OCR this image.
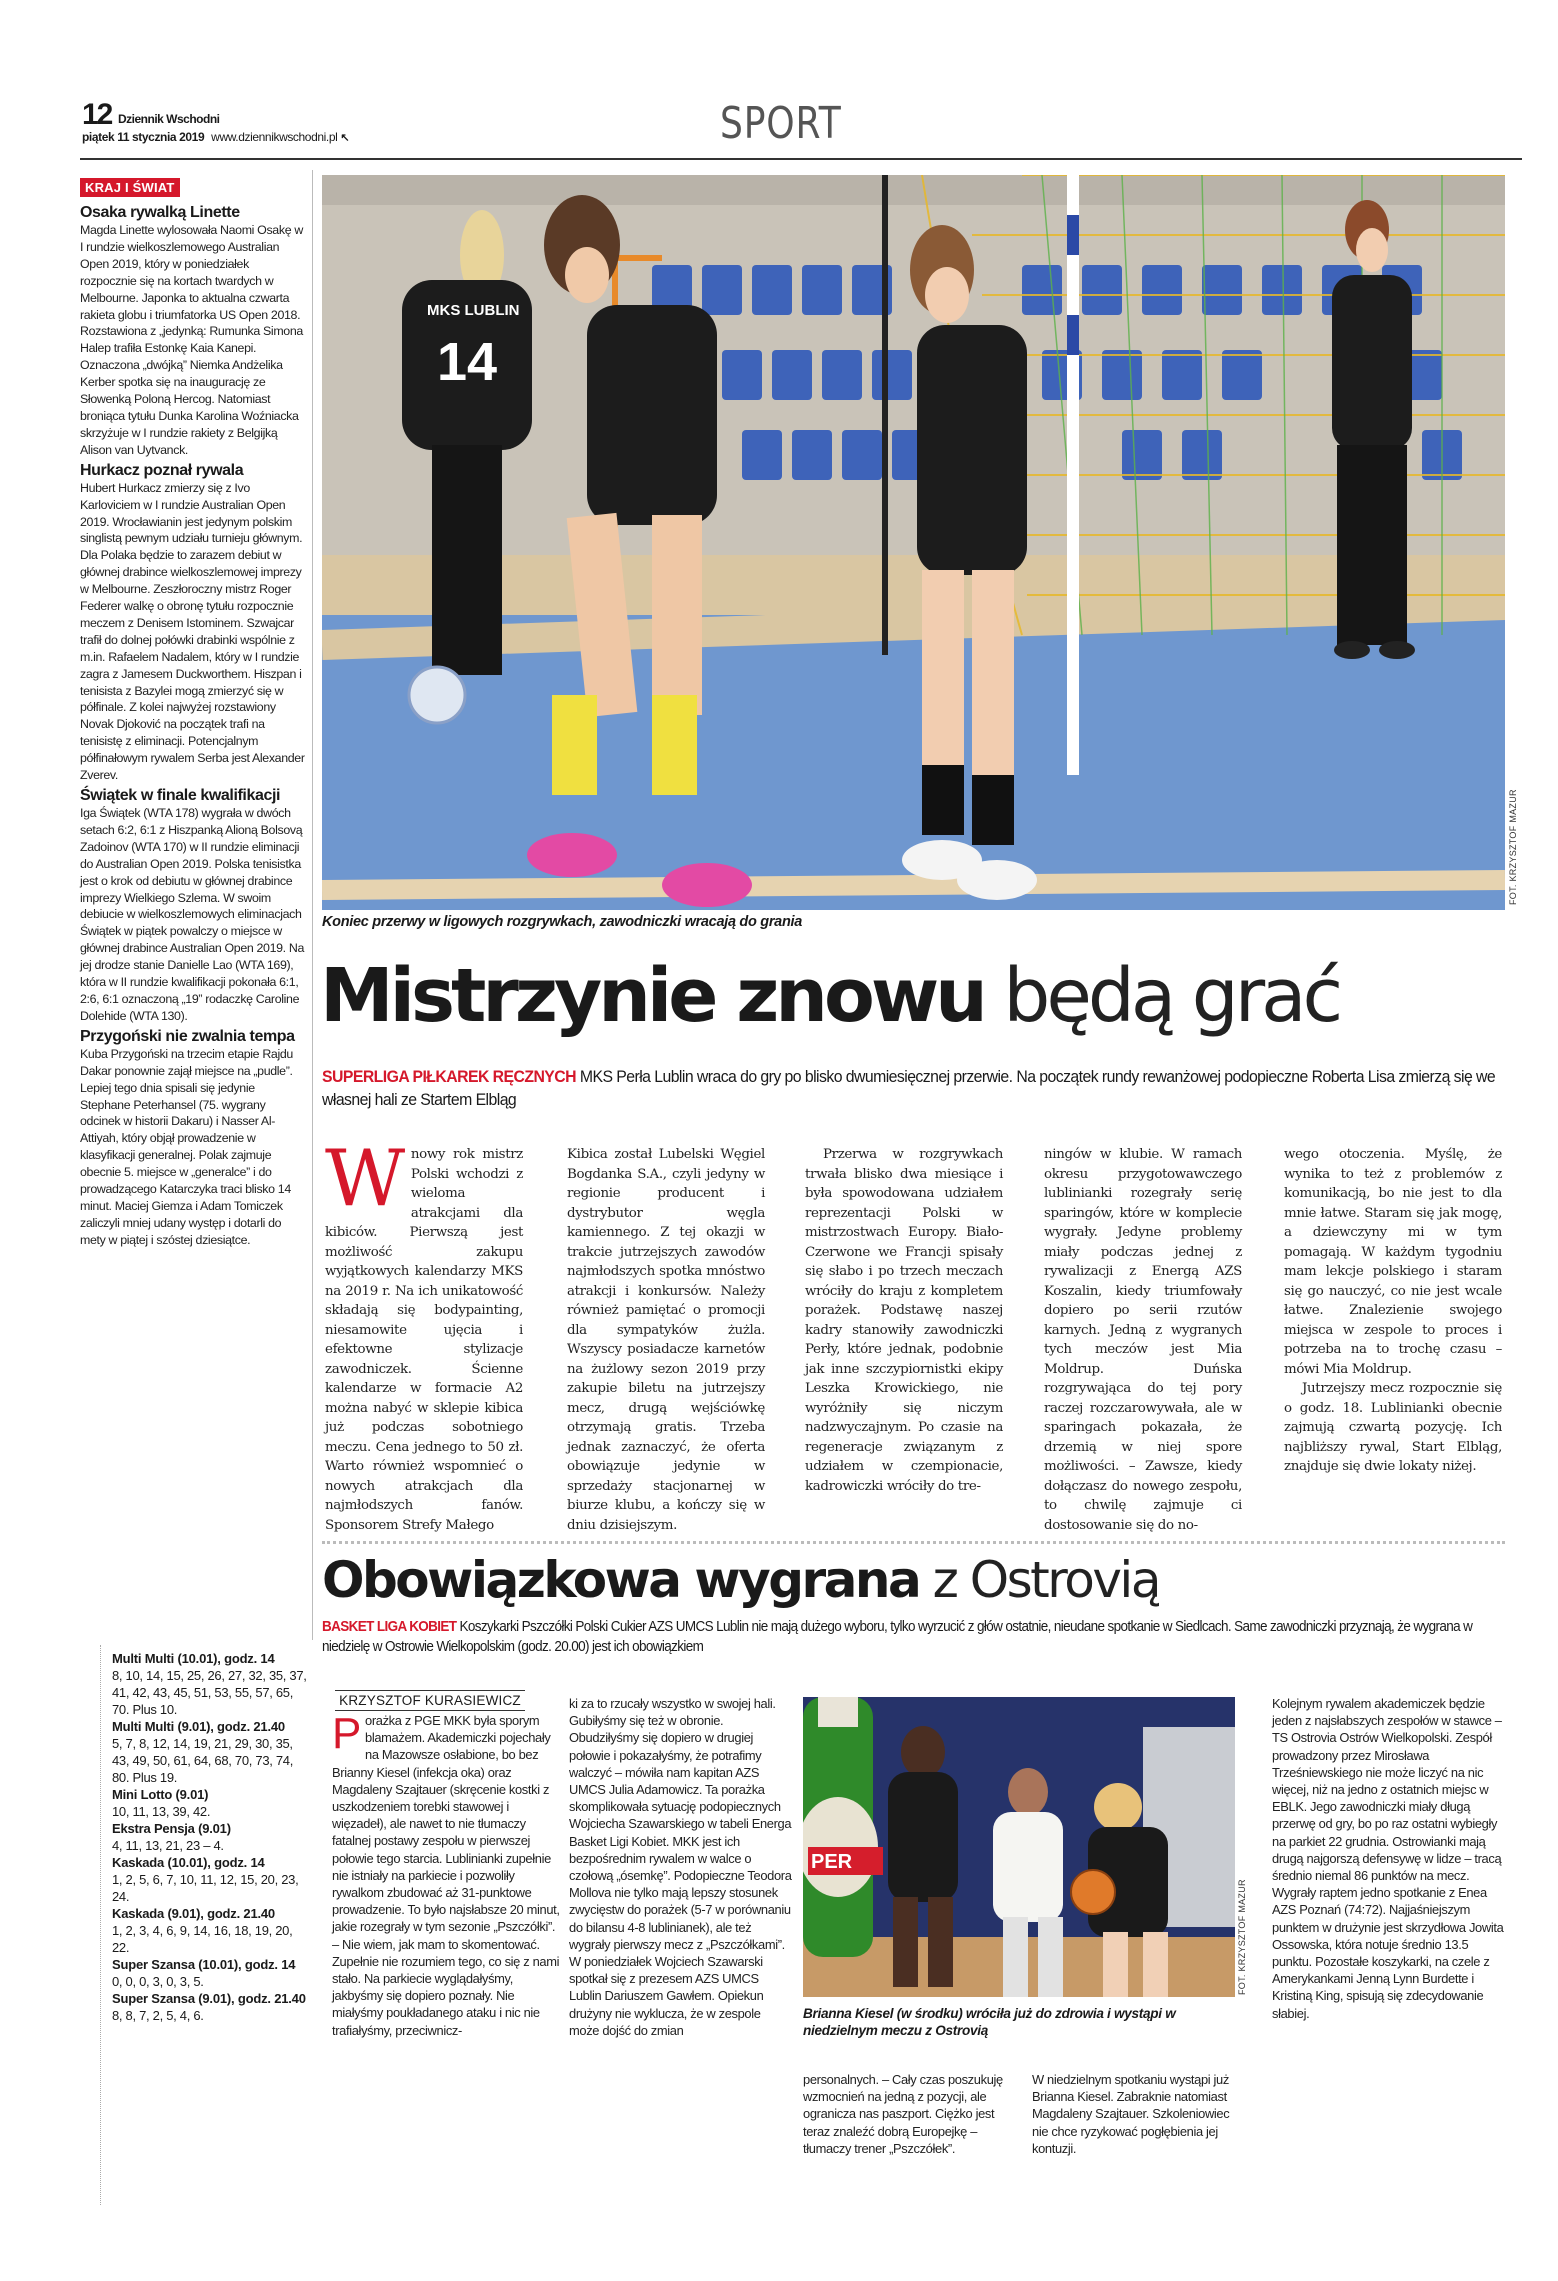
12 Dziennik Wschodni
piątek 11 stycznia 2019 www.dziennikwschodni.pl ↖	SPORT
KRAJ I ŚWIAT
Osaka rywalką Linette

Magda Linette wylosowała Naomi Osakę w I rundzie wielkoszlemowego Australian Open 2019, który w poniedziałek rozpocznie się na kortach twardych w Melbourne. Japonka to aktualna czwarta rakieta globu i triumfatorka US Open 2018. Rozstawiona z „jedynką: Rumunka Simona Halep trafiła Estonkę Kaia Kanepi. Oznaczona „dwójką” Niemka Andżelika Kerber spotka się na inaugurację ze Słowenką Poloną Hercog. Natomiast broniąca tytułu Dunka Karolina Woźniacka skrzyżuje w I rundzie rakiety z Belgijką Alison van Uytvanck.

Hurkacz poznał rywala

Hubert Hurkacz zmierzy się z Ivo Karloviciem w I rundzie Australian Open 2019. Wrocławianin jest jedynym polskim singlistą pewnym udziału turnieju głównym. Dla Polaka będzie to zarazem debiut w głównej drabince wielkoszlemowej imprezy w Melbourne. Zeszłoroczny mistrz Roger Federer walkę o obronę tytułu rozpocznie meczem z Denisem Istominem. Szwajcar trafił do dolnej połówki drabinki wspólnie z m.in. Rafaelem Nadalem, który w I rundzie zagra z Jamesem Duckworthem. Hiszpan i tenisista z Bazylei mogą zmierzyć się w półfinale. Z kolei najwyżej rozstawiony Novak Djoković na początek trafi na tenisistę z eliminacji. Potencjalnym półfinałowym rywalem Serba jest Alexander Zverev.

Świątek w finale kwalifikacji

Iga Świątek (WTA 178) wygrała w dwóch setach 6:2, 6:1 z Hiszpanką Alioną Bolsovą Zadoinov (WTA 170) w II rundzie eliminacji do Australian Open 2019. Polska tenisistka jest o krok od debiutu w głównej drabince imprezy Wielkiego Szlema. W swoim debiucie w wielkoszlemowych eliminacjach Świątek w piątek powalczy o miejsce w głównej drabince Australian Open 2019. Na jej drodze stanie Danielle Lao (WTA 169), która w II rundzie kwalifikacji pokonała 6:1, 2:6, 6:1 oznaczoną „19” rodaczkę Caroline Dolehide (WTA 130).

Przygoński nie zwalnia tempa

Kuba Przygoński na trzecim etapie Rajdu Dakar ponownie zajął miejsce na „pudle”. Lepiej tego dnia spisali się jedynie Stephane Peterhansel (75. wygrany odcinek w historii Dakaru) i Nasser Al-Attiyah, który objął prowadzenie w klasyfikacji generalnej. Polak zajmuje obecnie 5. miejsce w „generalce” i do prowadzącego Katarczyka traci blisko 14 minut. Maciej Giemza i Adam Tomiczek zaliczyli mniej udany występ i dotarli do mety w piątej i szóstej dziesiątce.

Multi Multi (10.01), godz. 14
8, 10, 14, 15, 25, 26, 27, 32, 35, 37, 41, 42, 43, 45, 51, 53, 55, 57, 65, 70. Plus 10.
Multi Multi (9.01), godz. 21.40
5, 7, 8, 12, 14, 19, 21, 29, 30, 35, 43, 49, 50, 61, 64, 68, 70, 73, 74, 80. Plus 19.
Mini Lotto (9.01)
10, 11, 13, 39, 42.
Ekstra Pensja (9.01)
4, 11, 13, 21, 23 – 4.
Kaskada (10.01), godz. 14
1, 2, 5, 6, 7, 10, 11, 12, 15, 20, 23, 24.
Kaskada (9.01), godz. 21.40
1, 2, 3, 4, 6, 9, 14, 16, 18, 19, 20, 22.
Super Szansa (10.01), godz. 14
0, 0, 0, 3, 0, 3, 5.
Super Szansa (9.01), godz. 21.40
8, 8, 7, 2, 5, 4, 6.
MKS LUBLIN
14
FOT. KRZYSZTOF MAZUR
Koniec przerwy w ligowych rozgrywkach, zawodniczki wracają do grania
Mistrzynie znowu będą grać
SUPERLIGA PIŁKAREK RĘCZNYCH MKS Perła Lublin wraca do gry po blisko dwumiesięcznej przerwie. Na początek rundy rewanżowej podopieczne Roberta Lisa zmierzą się we własnej hali ze Startem Elbląg
W nowy rok mistrz Polski wchodzi z wieloma atrakcjami dla kibiców. Pierwszą jest możliwość zakupu wyjątkowych kalendarzy MKS na 2019 r. Na ich unikatowość składają się bodypainting, niesamowite ujęcia i efektowne stylizacje zawodniczek. Ścienne kalendarze w formacie A2 można nabyć w sklepie kibica już podczas sobotniego meczu. Cena jednego to 50 zł. Warto również wspomnieć o nowych atrakcjach dla najmłodszych fanów. Sponsorem Strefy Małego
Kibica został Lubelski Węgiel Bogdanka S.A., czyli jedyny w regionie producent i dystrybutor węgla kamiennego. Z tej okazji w trakcie jutrzejszych zawodów najmłodszych spotka mnóstwo atrakcji i konkursów. Należy również pamiętać o promocji dla sympatyków żużla. Wszyscy posiadacze karnetów na żużlowy sezon 2019 przy zakupie biletu na jutrzejszy mecz, drugą wejściówkę otrzymają gratis. Trzeba jednak zaznaczyć, że oferta obowiązuje jedynie w sprzedaży stacjonarnej w biurze klubu, a kończy się w dniu dzisiejszym.
Przerwa w rozgrywkach trwała blisko dwa miesiące i była spowodowana udziałem reprezentacji Polski w mistrzostwach Europy. Biało-Czerwone we Francji spisały się słabo i po trzech meczach wróciły do kraju z kompletem porażek. Podstawę naszej kadry stanowiły zawodniczki Perły, które jednak, podobnie jak inne szczypiornistki ekipy Leszka Krowickiego, nie wyróżniły się niczym nadzwyczajnym. Po czasie na regeneracje związanym z udziałem w czempionacie, kadrowiczki wróciły do tre-
ningów w klubie. W ramach okresu przygotowawczego lublinianki rozegrały serię sparingów, które w komplecie wygrały. Jedyne problemy miały podczas jednej z rywalizacji z Energą AZS Koszalin, kiedy triumfowały dopiero po serii rzutów karnych. Jedną z wygranych tych meczów jest Mia Moldrup. Duńska rozgrywająca do tej pory raczej rozczarowywała, ale w sparingach pokazała, że drzemią w niej spore możliwości. – Zawsze, kiedy dołączasz do nowego zespołu, to chwilę zajmuje ci dostosowanie się do no-
wego otoczenia. Myślę, że wynika to też z problemów z komunikacją, bo nie jest to dla mnie łatwe. Staram się jak mogę, a dziewczyny mi w tym pomagają. W każdym tygodniu mam lekcje polskiego i staram się go nauczyć, co nie jest wcale łatwe. Znalezienie swojego miejsca w zespole to proces i potrzeba na to trochę czasu – mówi Mia Moldrup.
Jutrzejszy mecz rozpocznie się o godz. 18. Lublinianki obecnie zajmują czwartą pozycję. Ich najbliższy rywal, Start Elbląg, znajduje się dwie lokaty niżej.
Obowiązkowa wygrana z Ostrovią
BASKET LIGA KOBIET Koszykarki Pszczółki Polski Cukier AZS UMCS Lublin nie mają dużego wyboru, tylko wyrzucić z głów ostatnie, nieudane spotkanie w Siedlcach. Same zawodniczki przyznają, że wygrana w niedzielę w Ostrowie Wielkopolskim (godz. 20.00) jest ich obowiązkiem
KRZYSZTOF KURASIEWICZ
P orażka z PGE MKK była sporym blamażem. Akademiczki pojechały na Mazowsze osłabione, bo bez Brianny Kiesel (infekcja oka) oraz Magdaleny Szajtauer (skręcenie kostki z uszkodzeniem torebki stawowej i więzadeł), ale nawet to nie tłumaczy fatalnej postawy zespołu w pierwszej połowie tego starcia. Lublinianki zupełnie nie istniały na parkiecie i pozwoliły rywalkom zbudować aż 31-punktowe prowadzenie. To było najsłabsze 20 minut, jakie rozegrały w tym sezonie „Pszczółki”.
– Nie wiem, jak mam to skomentować. Zupełnie nie rozumiem tego, co się z nami stało. Na parkiecie wyglądałyśmy, jakbyśmy się dopiero poznały. Nie miałyśmy poukładanego ataku i nic nie trafiałyśmy, przeciwnicz-
ki za to rzucały wszystko w swojej hali. Gubiłyśmy się też w obronie. Obudziłyśmy się dopiero w drugiej połowie i pokazałyśmy, że potrafimy walczyć – mówiła nam kapitan AZS UMCS Julia Adamowicz. Ta porażka skomplikowała sytuację podopiecznych Wojciecha Szawarskiego w tabeli Energa Basket Ligi Kobiet. MKK jest ich bezpośrednim rywalem w walce o czołową „ósemkę”. Podopieczne Teodora Mollova nie tylko mają lepszy stosunek zwycięstw do porażek (5-7 w porównaniu do bilansu 4-8 lublinianek), ale też wygrały pierwszy mecz z „Pszczółkami”. W poniedziałek Wojciech Szawarski spotkał się z prezesem AZS UMCS Lublin Dariuszem Gawłem. Opiekun drużyny nie wyklucza, że w zespole może dojść do zmian
PER
FOT. KRZYSZTOF MAZUR
Brianna Kiesel (w środku) wróciła już do zdrowia i wystąpi w niedzielnym meczu z Ostrovią
personalnych. – Cały czas poszukuję wzmocnień na jedną z pozycji, ale ogranicza nas paszport. Ciężko jest teraz znaleźć dobrą Europejkę – tłumaczy trener „Pszczółek”.
W niedzielnym spotkaniu wystąpi już Brianna Kiesel. Zabraknie natomiast Magdaleny Szajtauer. Szkoleniowiec nie chce ryzykować pogłębienia jej kontuzji.
Kolejnym rywalem akademiczek będzie jeden z najsłabszych zespołów w stawce – TS Ostrovia Ostrów Wielkopolski. Zespół prowadzony przez Mirosława Trześniewskiego nie może liczyć na nic więcej, niż na jedno z ostatnich miejsc w EBLK. Jego zawodniczki miały długą przerwę od gry, bo po raz ostatni wybiegły na parkiet 22 grudnia. Ostrowianki mają drugą najgorszą defensywę w lidze – tracą średnio niemal 86 punktów na mecz. Wygrały raptem jedno spotkanie z Enea AZS Poznań (74:72). Najjaśniejszym punktem w drużynie jest skrzydłowa Jowita Ossowska, która notuje średnio 13.5 punktu. Pozostałe koszykarki, na czele z Amerykankami Jenną Lynn Burdette i Kristiną King, spisują się zdecydowanie słabiej.
